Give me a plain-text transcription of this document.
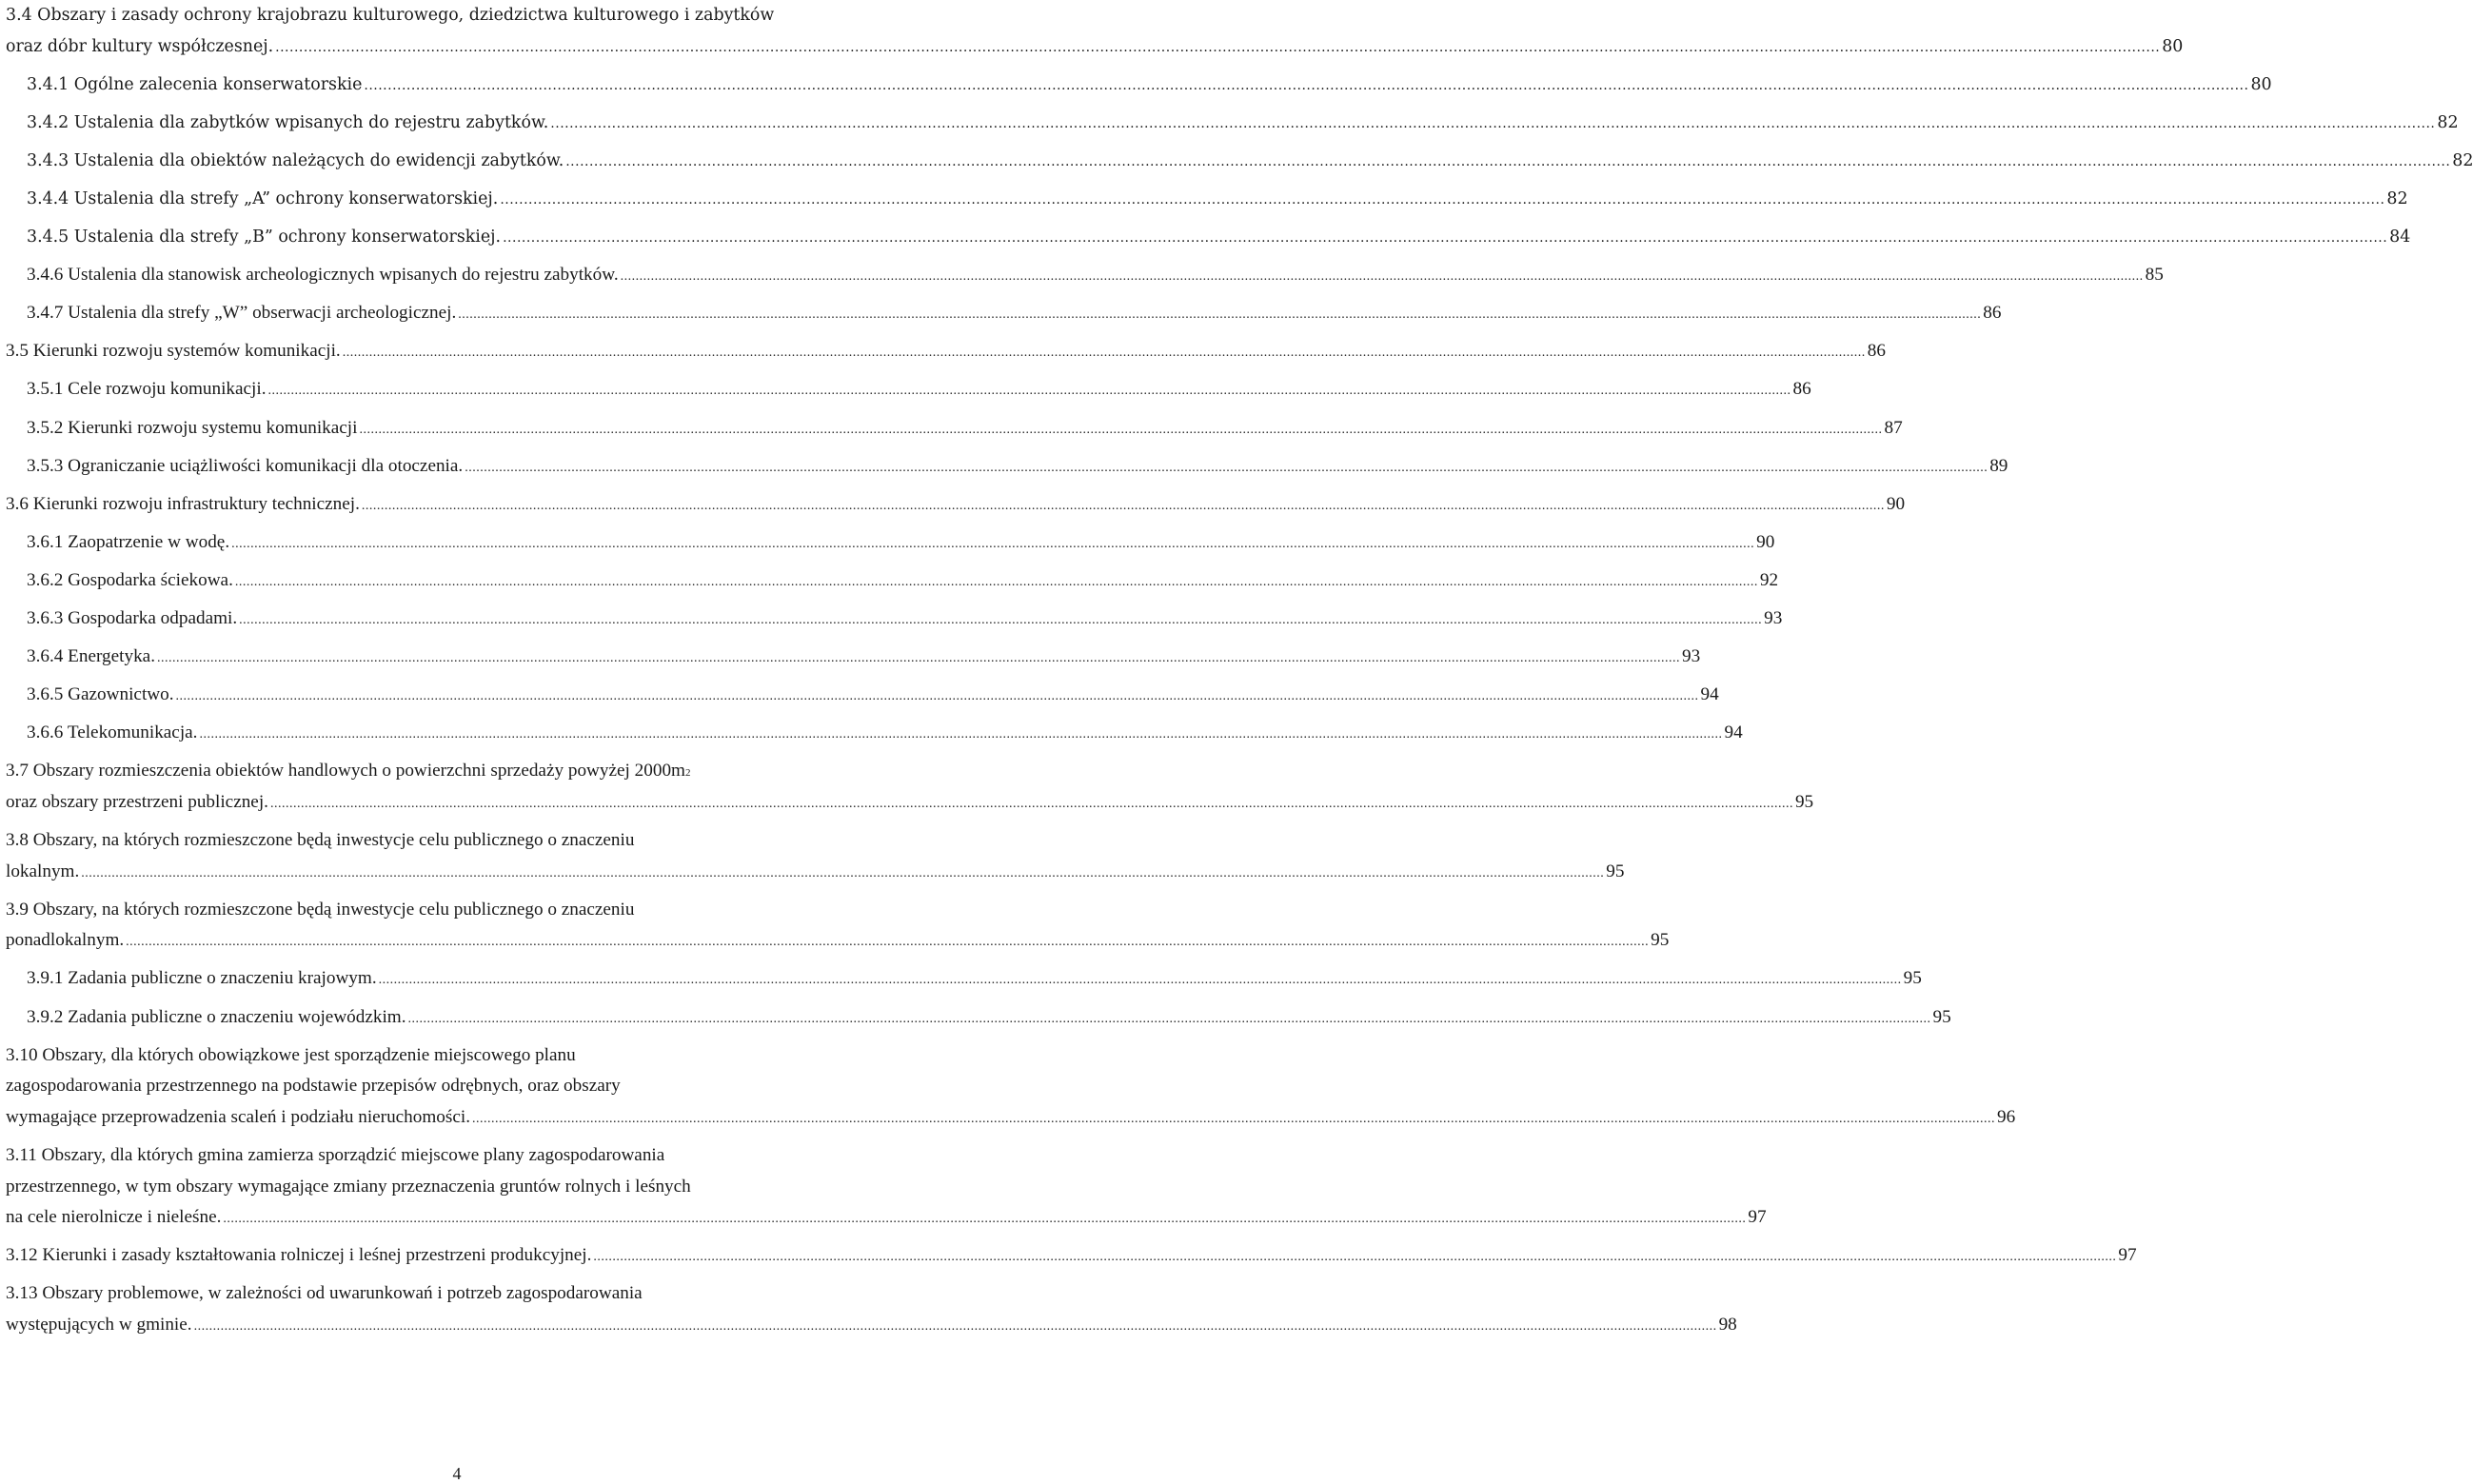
3.4 Obszary i zasady ochrony krajobrazu kulturowego, dziedzictwa kulturowego i zabytków
oraz dóbr kultury współczesnej. ................................................................................................................................................................................................................................................................................................................................................................................................................ 80
3.4.1 Ogólne zalecenia konserwatorskie ................................................................................................................................................................................................................................................................................................................................................................................................................ 80
3.4.2 Ustalenia dla zabytków wpisanych do rejestru zabytków. ................................................................................................................................................................................................................................................................................................................................................................................................................ 82
3.4.3 Ustalenia dla obiektów należących do ewidencji zabytków. ................................................................................................................................................................................................................................................................................................................................................................................................................ 82
3.4.4 Ustalenia dla strefy „A” ochrony konserwatorskiej. ................................................................................................................................................................................................................................................................................................................................................................................................................ 82
3.4.5 Ustalenia dla strefy „B” ochrony konserwatorskiej. ................................................................................................................................................................................................................................................................................................................................................................................................................ 84
3.4.6 Ustalenia dla stanowisk archeologicznych wpisanych do rejestru zabytków. ................................................................................................................................................................................................................................................................................................................................................................................................................ 85
3.4.7 Ustalenia dla strefy „W” obserwacji archeologicznej. ................................................................................................................................................................................................................................................................................................................................................................................................................ 86
3.5 Kierunki rozwoju systemów komunikacji. ................................................................................................................................................................................................................................................................................................................................................................................................................ 86
3.5.1 Cele rozwoju komunikacji. ................................................................................................................................................................................................................................................................................................................................................................................................................ 86
3.5.2 Kierunki rozwoju systemu komunikacji ................................................................................................................................................................................................................................................................................................................................................................................................................ 87
3.5.3 Ograniczanie uciążliwości komunikacji dla otoczenia. ................................................................................................................................................................................................................................................................................................................................................................................................................ 89
3.6 Kierunki rozwoju infrastruktury technicznej. ................................................................................................................................................................................................................................................................................................................................................................................................................ 90
3.6.1 Zaopatrzenie w wodę. ................................................................................................................................................................................................................................................................................................................................................................................................................ 90
3.6.2 Gospodarka ściekowa. ................................................................................................................................................................................................................................................................................................................................................................................................................ 92
3.6.3 Gospodarka odpadami. ................................................................................................................................................................................................................................................................................................................................................................................................................ 93
3.6.4 Energetyka. ................................................................................................................................................................................................................................................................................................................................................................................................................ 93
3.6.5 Gazownictwo. ................................................................................................................................................................................................................................................................................................................................................................................................................ 94
3.6.6 Telekomunikacja. ................................................................................................................................................................................................................................................................................................................................................................................................................ 94
3.7 Obszary rozmieszczenia obiektów handlowych o powierzchni sprzedaży powyżej 2000m 2
oraz obszary przestrzeni publicznej. ................................................................................................................................................................................................................................................................................................................................................................................................................ 95
3.8 Obszary, na których rozmieszczone będą inwestycje celu publicznego o znaczeniu
lokalnym. ................................................................................................................................................................................................................................................................................................................................................................................................................ 95
3.9 Obszary, na których rozmieszczone będą inwestycje celu publicznego o znaczeniu
ponadlokalnym. ................................................................................................................................................................................................................................................................................................................................................................................................................ 95
3.9.1 Zadania publiczne o znaczeniu krajowym. ................................................................................................................................................................................................................................................................................................................................................................................................................ 95
3.9.2 Zadania publiczne o znaczeniu wojewódzkim. ................................................................................................................................................................................................................................................................................................................................................................................................................ 95
3.10 Obszary, dla których obowiązkowe jest sporządzenie miejscowego planu
zagospodarowania przestrzennego na podstawie przepisów odrębnych, oraz obszary
wymagające przeprowadzenia scaleń i podziału nieruchomości. ................................................................................................................................................................................................................................................................................................................................................................................................................ 96
3.11 Obszary, dla których gmina zamierza sporządzić miejscowe plany zagospodarowania
przestrzennego, w tym obszary wymagające zmiany przeznaczenia gruntów rolnych i leśnych
na cele nierolnicze i nieleśne. ................................................................................................................................................................................................................................................................................................................................................................................................................ 97
3.12 Kierunki i zasady kształtowania rolniczej i leśnej przestrzeni produkcyjnej. ................................................................................................................................................................................................................................................................................................................................................................................................................ 97
3.13 Obszary problemowe, w zależności od uwarunkowań i potrzeb zagospodarowania
występujących w gminie. ................................................................................................................................................................................................................................................................................................................................................................................................................ 98
4
